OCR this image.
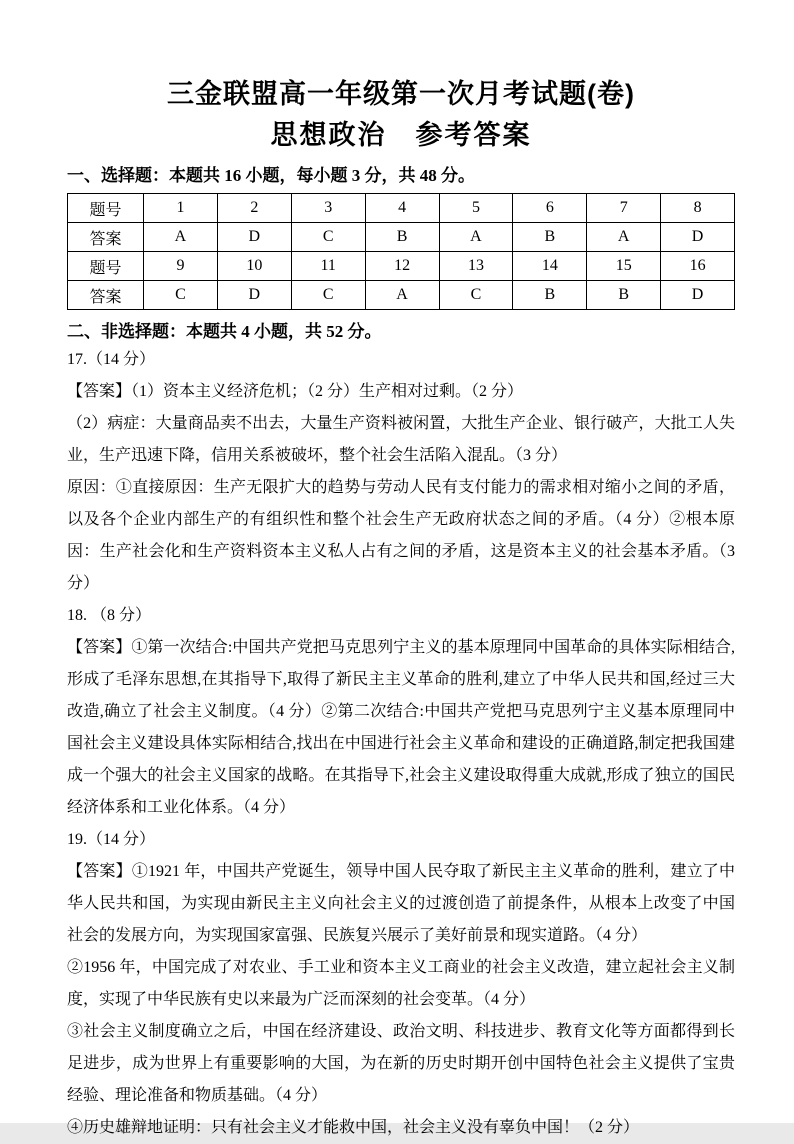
三金联盟高一年级第一次月考试题(卷)
思想政治　参考答案

一、选择题：本题共 16 小题，每小题 3 分，共 48 分。

题号	1	2	3	4	5	6	7	8
答案	A	D	C	B	A	B	A	D
题号	9	10	11	12	13	14	15	16
答案	C	D	C	A	C	B	B	D

二、非选择题：本题共 4 小题，共 52 分。

17.（14 分）

【答案】（1）资本主义经济危机；（2 分）生产相对过剩。（2 分）

（2）病症：大量商品卖不出去，大量生产资料被闲置，大批生产企业、银行破产，大批工人失业，生产迅速下降，信用关系被破坏，整个社会生活陷入混乱。（3 分）

原因：①直接原因：生产无限扩大的趋势与劳动人民有支付能力的需求相对缩小之间的矛盾，以及各个企业内部生产的有组织性和整个社会生产无政府状态之间的矛盾。（4 分）②根本原因：生产社会化和生产资料资本主义私人占有之间的矛盾，这是资本主义的社会基本矛盾。（3 分）

18. （8 分）

【答案】①第一次结合:中国共产党把马克思列宁主义的基本原理同中国革命的具体实际相结合,形成了毛泽东思想,在其指导下,取得了新民主主义革命的胜利,建立了中华人民共和国,经过三大改造,确立了社会主义制度。（4 分）②第二次结合:中国共产党把马克思列宁主义基本原理同中国社会主义建设具体实际相结合,找出在中国进行社会主义革命和建设的正确道路,制定把我国建成一个强大的社会主义国家的战略。在其指导下,社会主义建设取得重大成就,形成了独立的国民经济体系和工业化体系。（4 分）

19.（14 分）

【答案】①1921 年，中国共产党诞生，领导中国人民夺取了新民主主义革命的胜利，建立了中华人民共和国，为实现由新民主主义向社会主义的过渡创造了前提条件，从根本上改变了中国社会的发展方向，为实现国家富强、民族复兴展示了美好前景和现实道路。（4 分）

②1956 年，中国完成了对农业、手工业和资本主义工商业的社会主义改造，建立起社会主义制度，实现了中华民族有史以来最为广泛而深刻的社会变革。（4 分）

③社会主义制度确立之后，中国在经济建设、政治文明、科技进步、教育文化等方面都得到长足进步，成为世界上有重要影响的大国，为在新的历史时期开创中国特色社会主义提供了宝贵经验、理论准备和物质基础。（4 分）

④历史雄辩地证明：只有社会主义才能救中国，社会主义没有辜负中国！（2 分）
